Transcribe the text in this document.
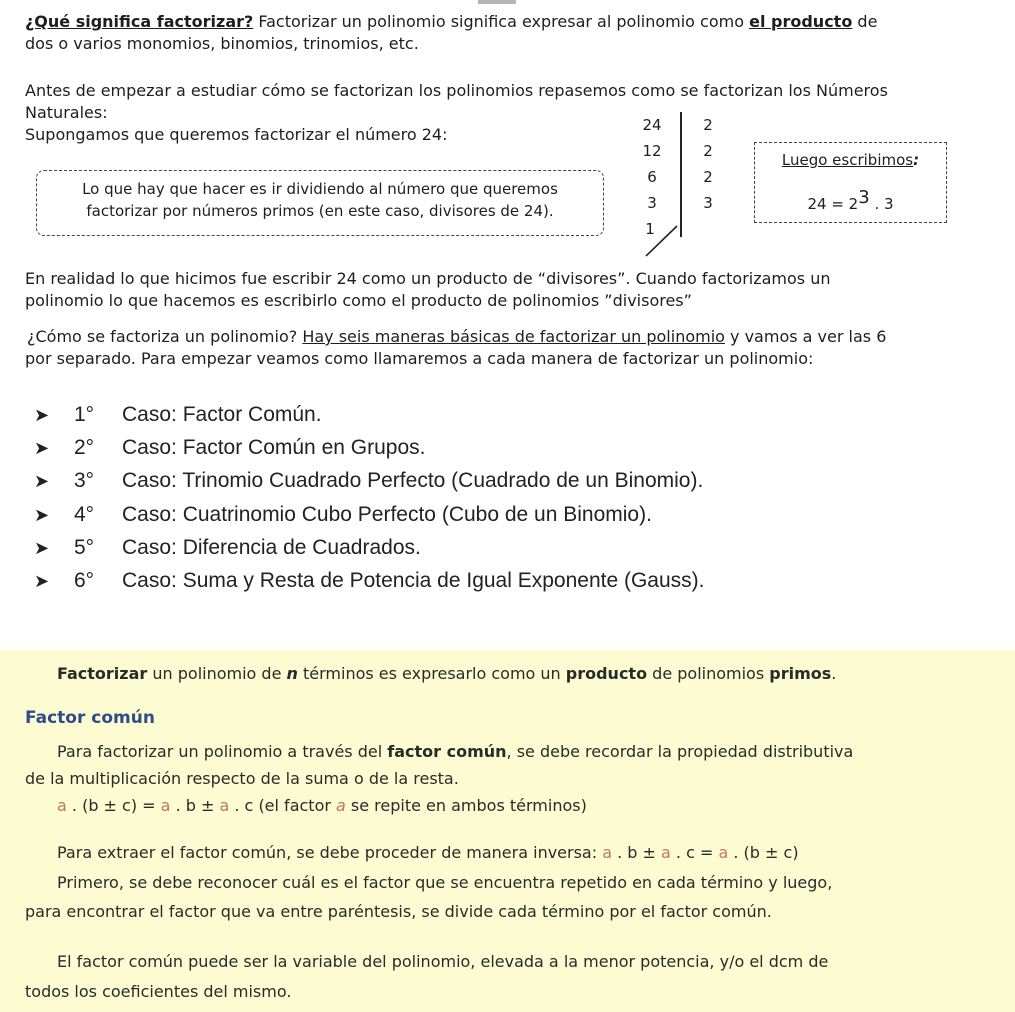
¿Qué significa factorizar? Factorizar un polinomio significa expresar al polinomio como el producto de
dos o varios monomios, binomios, trinomios, etc.
Antes de empezar a estudiar cómo se factorizan los polinomios repasemos como se factorizan los Números
Naturales:
Supongamos que queremos factorizar el número 24:
Lo que hay que hacer es ir dividiendo al número que queremos
factorizar por números primos (en este caso, divisores de 24).
24
12
6
3
1
2
2
2
3
Luego escribimos:
$24 = 2^3$ . 3
En realidad lo que hicimos fue escribir 24 como un producto de “divisores”. Cuando factorizamos un
polinomio lo que hacemos es escribirlo como el producto de polinomios ”divisores”
¿Cómo se factoriza un polinomio? Hay seis maneras básicas de factorizar un polinomio y vamos a ver las 6
por separado. Para empezar veamos como llamaremos a cada manera de factorizar un polinomio:
➤ 1° Caso: Factor Común.
➤ 2° Caso: Factor Común en Grupos.
➤ 3° Caso: Trinomio Cuadrado Perfecto (Cuadrado de un Binomio).
➤ 4° Caso: Cuatrinomio Cubo Perfecto (Cubo de un Binomio).
➤ 5° Caso: Diferencia de Cuadrados.
➤ 6° Caso: Suma y Resta de Potencia de Igual Exponente (Gauss).
Factorizar un polinomio de n términos es expresarlo como un producto de polinomios primos.
Factor común
Para factorizar un polinomio a través del factor común, se debe recordar la propiedad distributiva
de la multiplicación respecto de la suma o de la resta.
a . (b ± c) = a . b ± a . c (el factor a se repite en ambos términos)
Para extraer el factor común, se debe proceder de manera inversa: a . b ± a . c = a . (b ± c)
Primero, se debe reconocer cuál es el factor que se encuentra repetido en cada término y luego,
para encontrar el factor que va entre paréntesis, se divide cada término por el factor común.
El factor común puede ser la variable del polinomio, elevada a la menor potencia, y/o el dcm de
todos los coeficientes del mismo.
